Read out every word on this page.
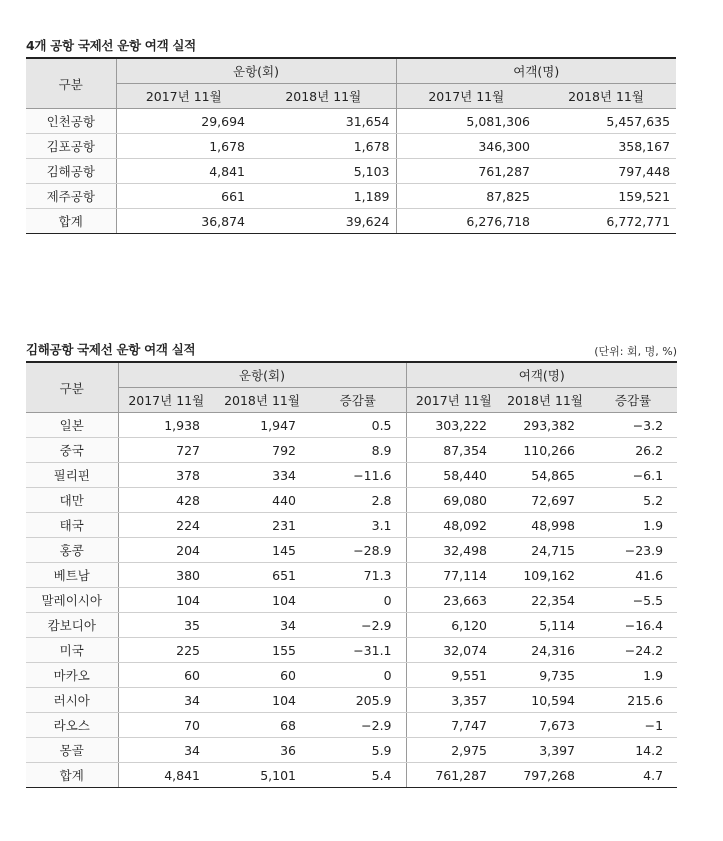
4개 공항 국제선 운항 여객 실적
구분	운항(회)		여객(명)	
	2017년 11월	2018년 11월	2017년 11월	2018년 11월
인천공항	29,694	31,654	5,081,306	5,457,635
김포공항	1,678	1,678	346,300	358,167
김해공항	4,841	5,103	761,287	797,448
제주공항	661	1,189	87,825	159,521
합계	36,874	39,624	6,276,718	6,772,771
김해공항 국제선 운항 여객 실적	(단위: 회, 명, %)
구분	운항(회)			여객(명)		
	2017년 11월	2018년 11월	증감률	2017년 11월	2018년 11월	증감률
일본	1,938	1,947	0.5	303,222	293,382	−3.2
중국	727	792	8.9	87,354	110,266	26.2
필리핀	378	334	−11.6	58,440	54,865	−6.1
대만	428	440	2.8	69,080	72,697	5.2
태국	224	231	3.1	48,092	48,998	1.9
홍콩	204	145	−28.9	32,498	24,715	−23.9
베트남	380	651	71.3	77,114	109,162	41.6
말레이시아	104	104	0	23,663	22,354	−5.5
캄보디아	35	34	−2.9	6,120	5,114	−16.4
미국	225	155	−31.1	32,074	24,316	−24.2
마카오	60	60	0	9,551	9,735	1.9
러시아	34	104	205.9	3,357	10,594	215.6
라오스	70	68	−2.9	7,747	7,673	−1
몽골	34	36	5.9	2,975	3,397	14.2
합계	4,841	5,101	5.4	761,287	797,268	4.7
